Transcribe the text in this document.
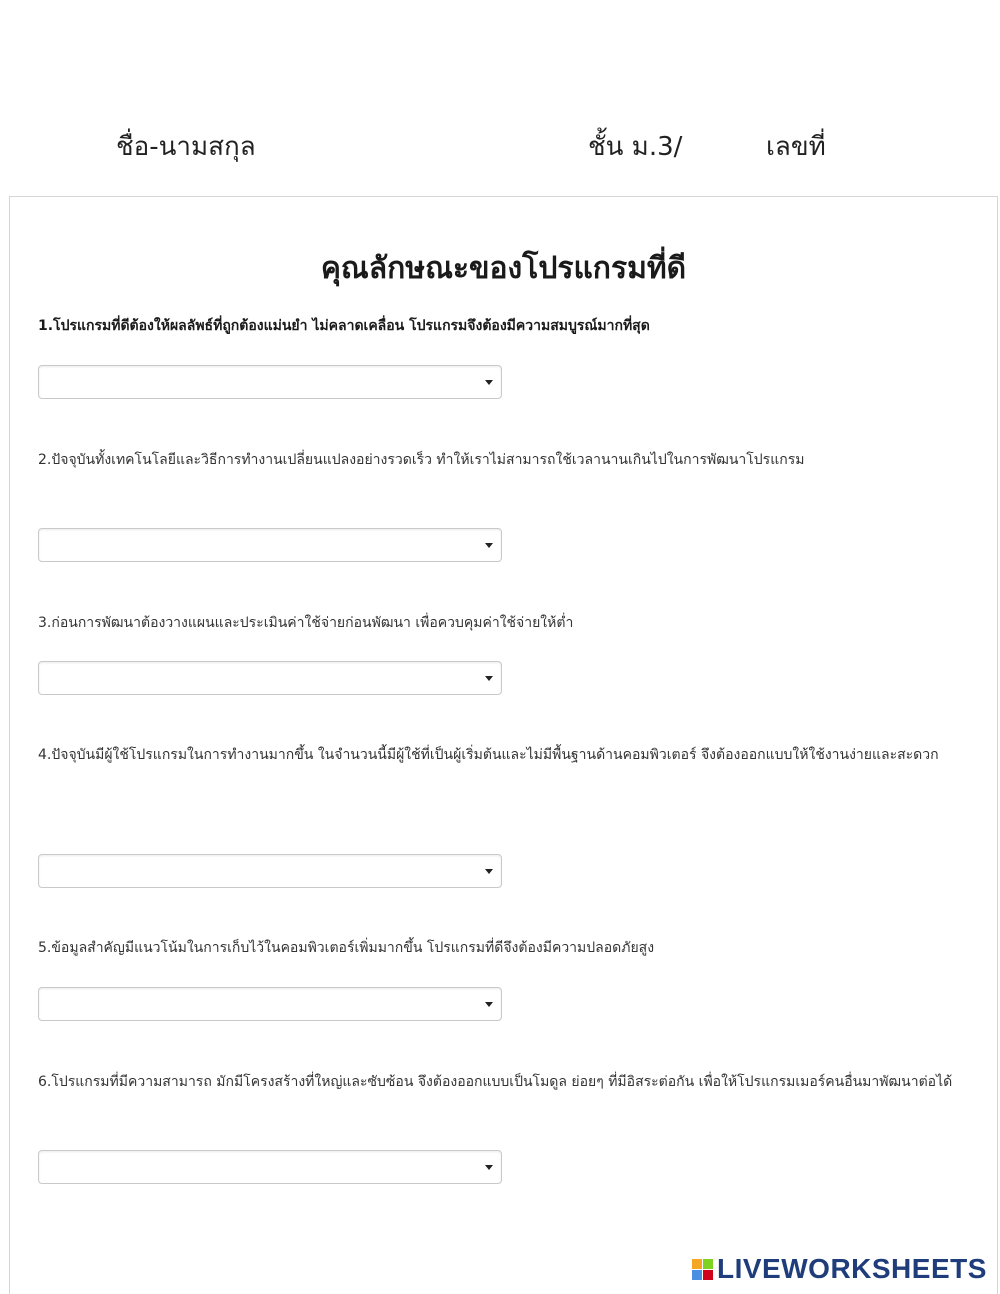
ชื่อ-นามสกุล	ชั้น ม.3/	เลขที่
คุณลักษณะของโปรแกรมที่ดี
1.โปรแกรมที่ดีต้องให้ผลลัพธ์ที่ถูกต้องแม่นยำ ไม่คลาดเคลื่อน โปรแกรมจึงต้องมีความสมบูรณ์มากที่สุด
2.ปัจจุบันทั้งเทคโนโลยีและวิธีการทำงานเปลี่ยนแปลงอย่างรวดเร็ว ทำให้เราไม่สามารถใช้เวลานานเกินไปในการพัฒนาโปรแกรม
3.ก่อนการพัฒนาต้องวางแผนและประเมินค่าใช้จ่ายก่อนพัฒนา เพื่อควบคุมค่าใช้จ่ายให้ต่ำ
4.ปัจจุบันมีผู้ใช้โปรแกรมในการทำงานมากขึ้น ในจำนวนนี้มีผู้ใช้ที่เป็นผู้เริ่มต้นและไม่มีพื้นฐานด้านคอมพิวเตอร์ จึงต้องออกแบบให้ใช้งานง่ายและสะดวก
5.ข้อมูลสำคัญมีแนวโน้มในการเก็บไว้ในคอมพิวเตอร์เพิ่มมากขึ้น โปรแกรมที่ดีจึงต้องมีความปลอดภัยสูง
6.โปรแกรมที่มีความสามารถ มักมีโครงสร้างที่ใหญ่และซับซ้อน จึงต้องออกแบบเป็นโมดูล ย่อยๆ ที่มีอิสระต่อกัน เพื่อให้โปรแกรมเมอร์คนอื่นมาพัฒนาต่อได้
LIVEWORKSHEETS
